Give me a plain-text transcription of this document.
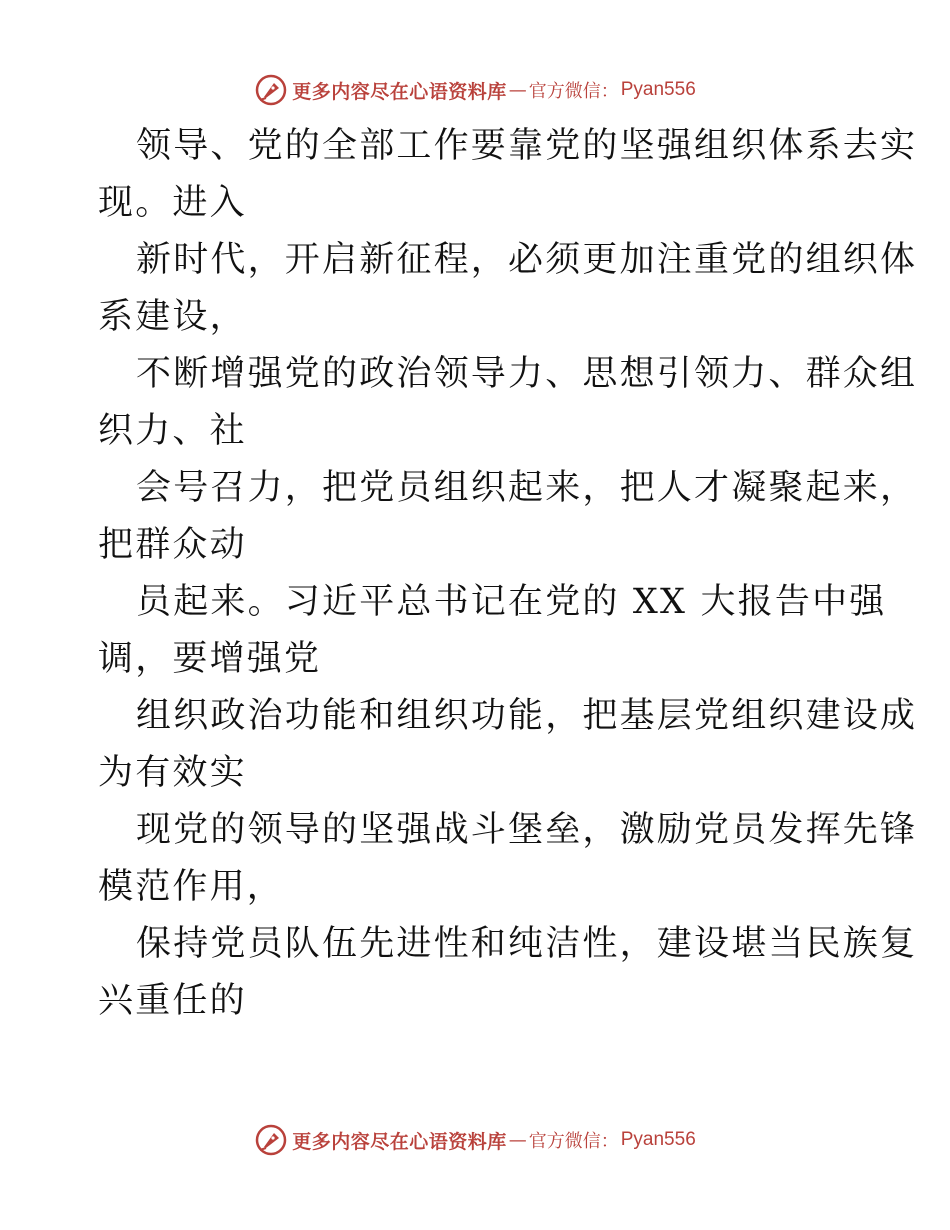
更多内容尽在心语资料库 — 官方微信： Pyan556
领导、党的全部工作要靠党的坚强组织体系去实
现。进入
新时代，开启新征程，必须更加注重党的组织体
系建设，
不断增强党的政治领导力、思想引领力、群众组
织力、社
会号召力，把党员组织起来，把人才凝聚起来，
把群众动
员起来。习近平总书记在党的 XX 大报告中强
调，要增强党
组织政治功能和组织功能，把基层党组织建设成
为有效实
现党的领导的坚强战斗堡垒，激励党员发挥先锋
模范作用，
保持党员队伍先进性和纯洁性，建设堪当民族复
兴重任的
更多内容尽在心语资料库 — 官方微信： Pyan556
